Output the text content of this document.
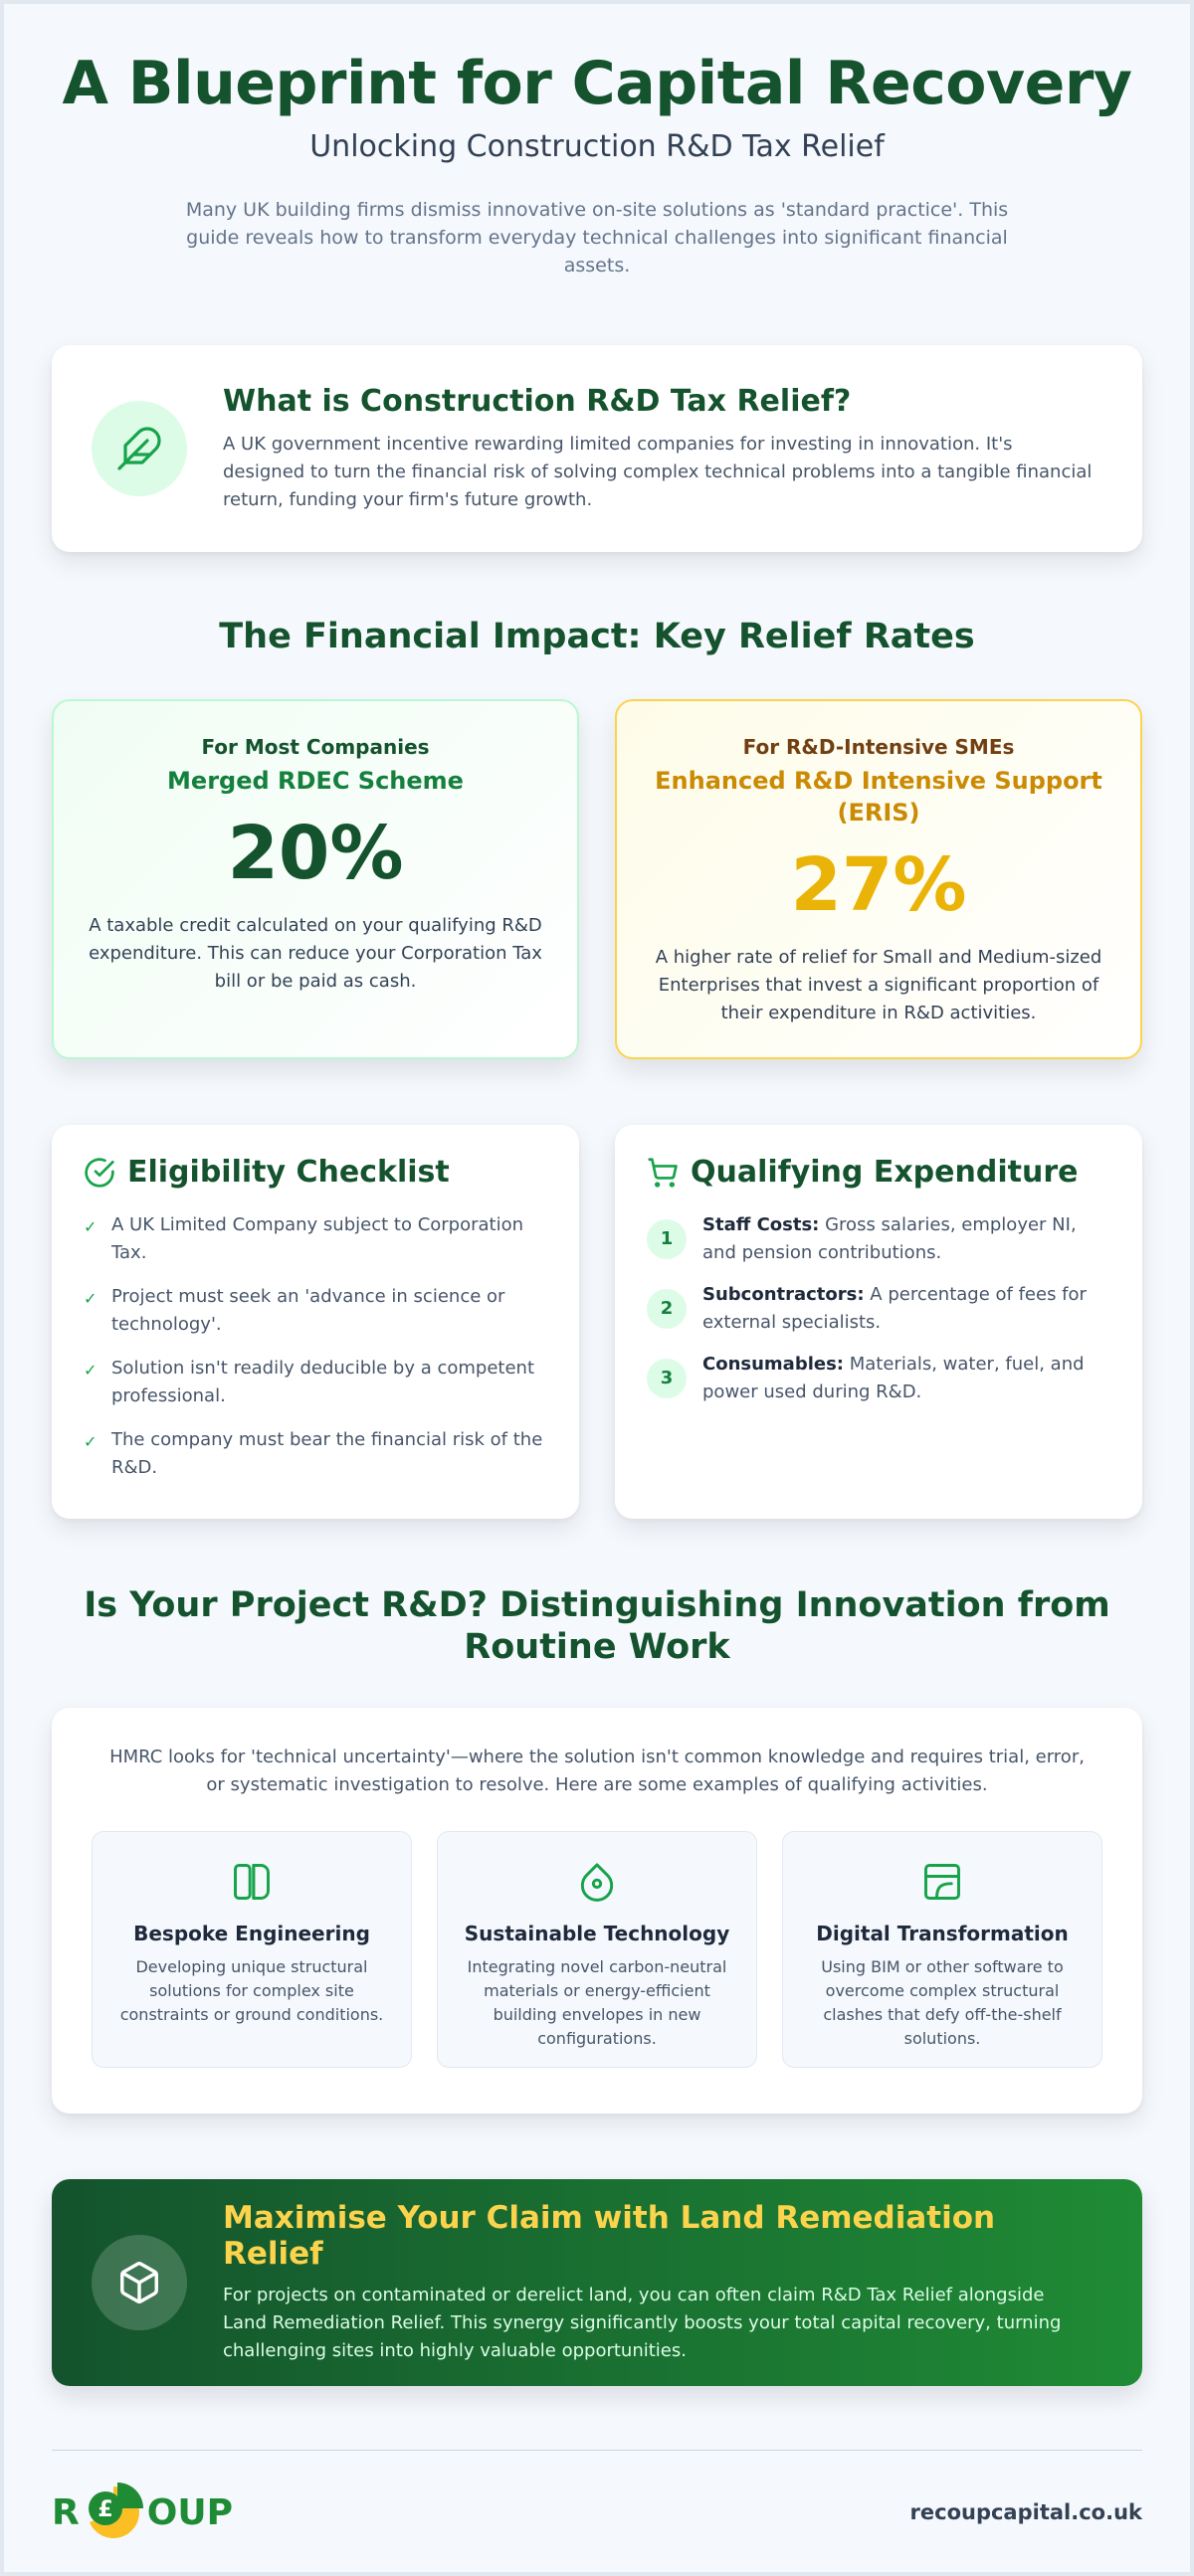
A Blueprint for Capital Recovery
Unlocking Construction R&D Tax Relief

Many UK building firms dismiss innovative on-site solutions as 'standard practice'. This guide reveals how to transform everyday technical challenges into significant financial assets.

What is Construction R&D Tax Relief?

A UK government incentive rewarding limited companies for investing in innovation. It's designed to turn the financial risk of solving complex technical problems into a tangible financial return, funding your firm's future growth.

The Financial Impact: Key Relief Rates
For Most Companies
Merged RDEC Scheme
20%

A taxable credit calculated on your qualifying R&D expenditure. This can reduce your Corporation Tax bill or be paid as cash.

For R&D-Intensive SMEs
Enhanced R&D Intensive Support (ERIS)
27%

A higher rate of relief for Small and Medium-sized Enterprises that invest a significant proportion of their expenditure in R&D activities.

Eligibility Checklist
✓ A UK Limited Company subject to Corporation Tax.
✓ Project must seek an 'advance in science or technology'.
✓ Solution isn't readily deducible by a competent professional.
✓ The company must bear the financial risk of the R&D.
Qualifying Expenditure
1
Staff Costs: Gross salaries, employer NI, and pension contributions.
2
Subcontractors: A percentage of fees for external specialists.
3
Consumables: Materials, water, fuel, and power used during R&D.
Is Your Project R&D? Distinguishing Innovation from Routine Work

HMRC looks for 'technical uncertainty'—where the solution isn't common knowledge and requires trial, error, or systematic investigation to resolve. Here are some examples of qualifying activities.

Bespoke Engineering

Developing unique structural solutions for complex site constraints or ground conditions.

Sustainable Technology

Integrating novel carbon-neutral materials or energy-efficient building envelopes in new configurations.

Digital Transformation

Using BIM or other software to overcome complex structural clashes that defy off-the-shelf solutions.

Maximise Your Claim with Land Remediation Relief

For projects on contaminated or derelict land, you can often claim R&D Tax Relief alongside Land Remediation Relief. This synergy significantly boosts your total capital recovery, turning challenging sites into highly valuable opportunities.

R £ OUP	recoupcapital.co.uk
